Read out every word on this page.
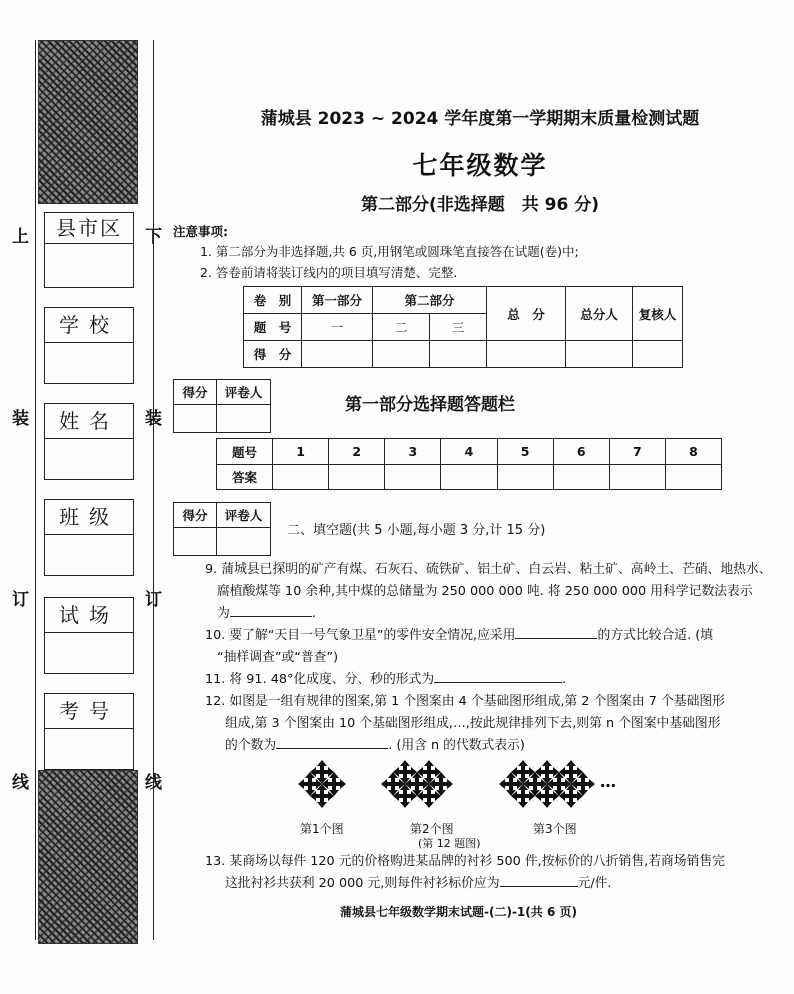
上
装
订
线
下
装
订
线
县市区
学校
姓名
班级
试场
考号
蒲城县 2023 ~ 2024 学年度第一学期期末质量检测试题
七年级数学
第二部分(非选择题　共 96 分)
注意事项:
1. 第二部分为非选择题,共 6 页,用钢笔或圆珠笔直接答在试题(卷)中;
2. 答卷前请将装订线内的项目填写清楚、完整.
卷　别	第一部分	第二部分		总　分	总分人	复核人
题　号	一	二	三			
得　分						
得分	评卷人

第一部分选择题答题栏
题号	1	2	3	4	5	6	7	8
答案								
得分	评卷人

二、填空题(共 5 小题,每小题 3 分,计 15 分)
9. 蒲城县已探明的矿产有煤、石灰石、硫铁矿、铝土矿、白云岩、粘土矿、高岭土、芒硝、地热水、
腐植酸煤等 10 余种,其中煤的总储量为 250 000 000 吨. 将 250 000 000 用科学记数法表示
为	.
10. 要了解“天目一号气象卫星”的零件安全情况,应采用	的方式比较合适. (填
“抽样调查”或“普查”)
11. 将 91. 48°化成度、分、秒的形式为	.
12. 如图是一组有规律的图案,第 1 个图案由 4 个基础图形组成,第 2 个图案由 7 个基础图形
组成,第 3 个图案由 10 个基础图形组成,…,按此规律排列下去,则第 n 个图案中基础图形
的个数为	. (用含 n 的代数式表示)
…
第1个图	第2个图	第3个图
(第 12 题图)
13. 某商场以每件 120 元的价格购进某品牌的衬衫 500 件,按标价的八折销售,若商场销售完
这批衬衫共获利 20 000 元,则每件衬衫标价应为	元/件.
蒲城县七年级数学期末试题-(二)-1(共 6 页)
